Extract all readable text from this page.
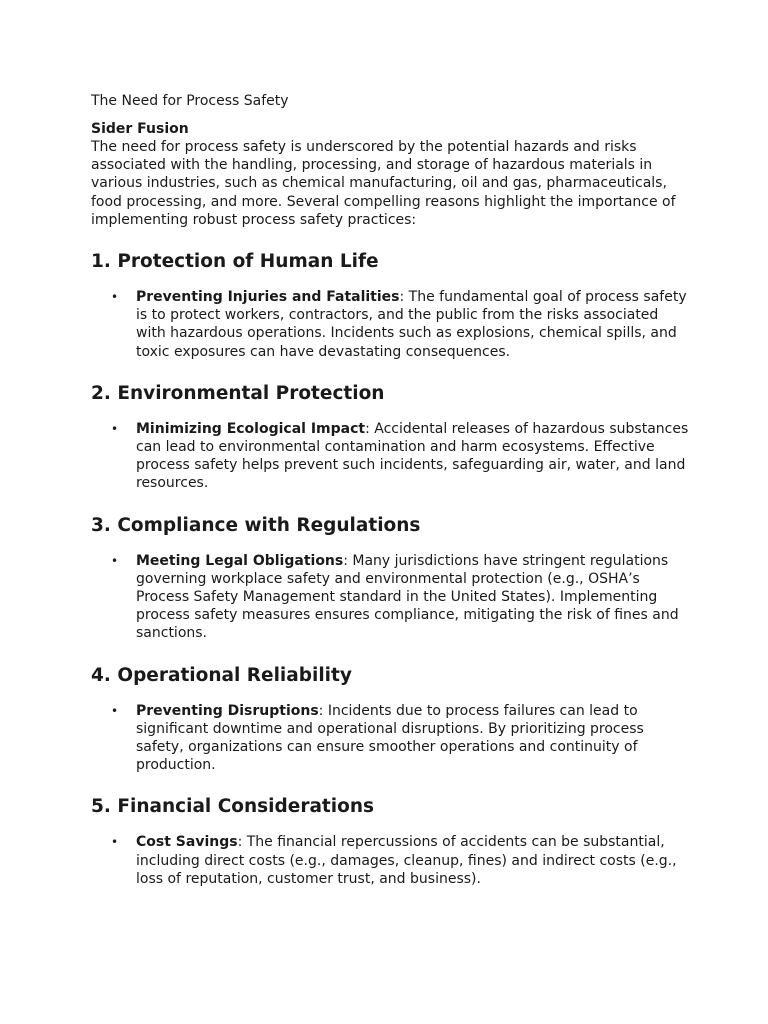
The Need for Process Safety

Sider Fusion

The need for process safety is underscored by the potential hazards and risks associated with the handling, processing, and storage of hazardous materials in various industries, such as chemical manufacturing, oil and gas, pharmaceuticals, food processing, and more. Several compelling reasons highlight the importance of implementing robust process safety practices:

1. Protection of Human Life
• Preventing Injuries and Fatalities: The fundamental goal of process safety is to protect workers, contractors, and the public from the risks associated with hazardous operations. Incidents such as explosions, chemical spills, and toxic exposures can have devastating consequences.
2. Environmental Protection
• Minimizing Ecological Impact: Accidental releases of hazardous substances can lead to environmental contamination and harm ecosystems. Effective process safety helps prevent such incidents, safeguarding air, water, and land resources.
3. Compliance with Regulations
• Meeting Legal Obligations: Many jurisdictions have stringent regulations governing workplace safety and environmental protection (e.g., OSHA’s Process Safety Management standard in the United States). Implementing process safety measures ensures compliance, mitigating the risk of fines and sanctions.
4. Operational Reliability
• Preventing Disruptions: Incidents due to process failures can lead to significant downtime and operational disruptions. By prioritizing process safety, organizations can ensure smoother operations and continuity of production.
5. Financial Considerations
• Cost Savings: The financial repercussions of accidents can be substantial, including direct costs (e.g., damages, cleanup, fines) and indirect costs (e.g., loss of reputation, customer trust, and business).
